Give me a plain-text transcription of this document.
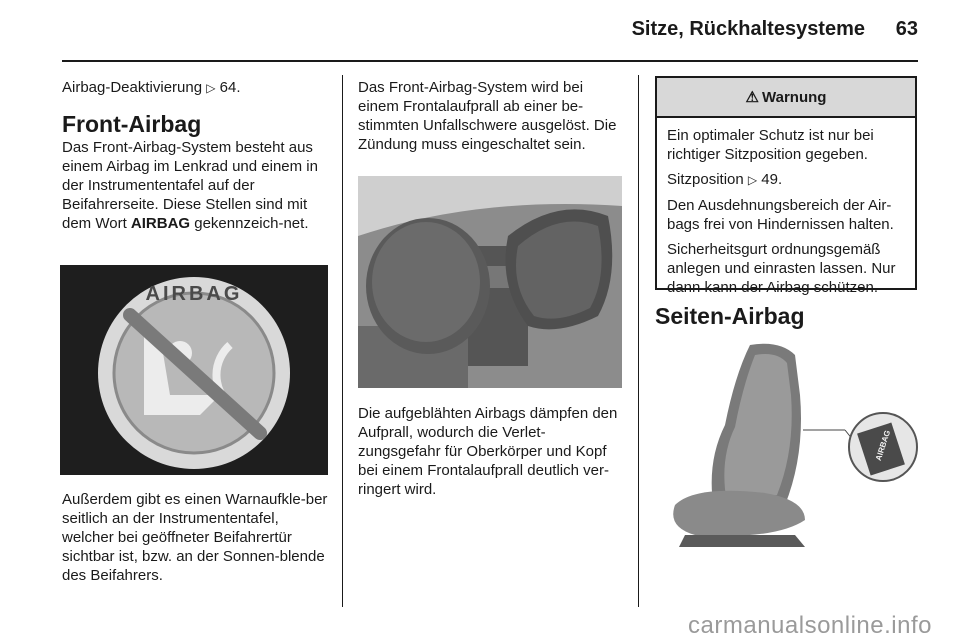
Sitze, Rückhaltesysteme 63

Airbag-Deaktivierung ▷ 64.

Front-Airbag

Das Front-Airbag-System besteht aus einem Airbag im Lenkrad und einem in der Instrumententafel auf der Beifahrerseite. Diese Stellen sind mit dem Wort AIRBAG gekennzeich-net.

AIRBAG

Außerdem gibt es einen Warnaufkle-ber seitlich an der Instrumententafel, welcher bei geöffneter Beifahrertür sichtbar ist, bzw. an der Sonnen-blende des Beifahrers.

Das Front-Airbag-System wird bei einem Frontalaufprall ab einer be-stimmten Unfallschwere ausgelöst. Die Zündung muss eingeschaltet sein.

Die aufgeblähten Airbags dämpfen den Aufprall, wodurch die Verlet-zungsgefahr für Oberkörper und Kopf bei einem Frontalaufprall deutlich ver-ringert wird.

⚠ Warnung

Ein optimaler Schutz ist nur bei richtiger Sitzposition gegeben.

Sitzposition ▷ 49.

Den Ausdehnungsbereich der Air-bags frei von Hindernissen halten.

Sicherheitsgurt ordnungsgemäß anlegen und einrasten lassen. Nur dann kann der Airbag schützen.

Seiten-Airbag
AIRBAG
carmanualsonline.info
